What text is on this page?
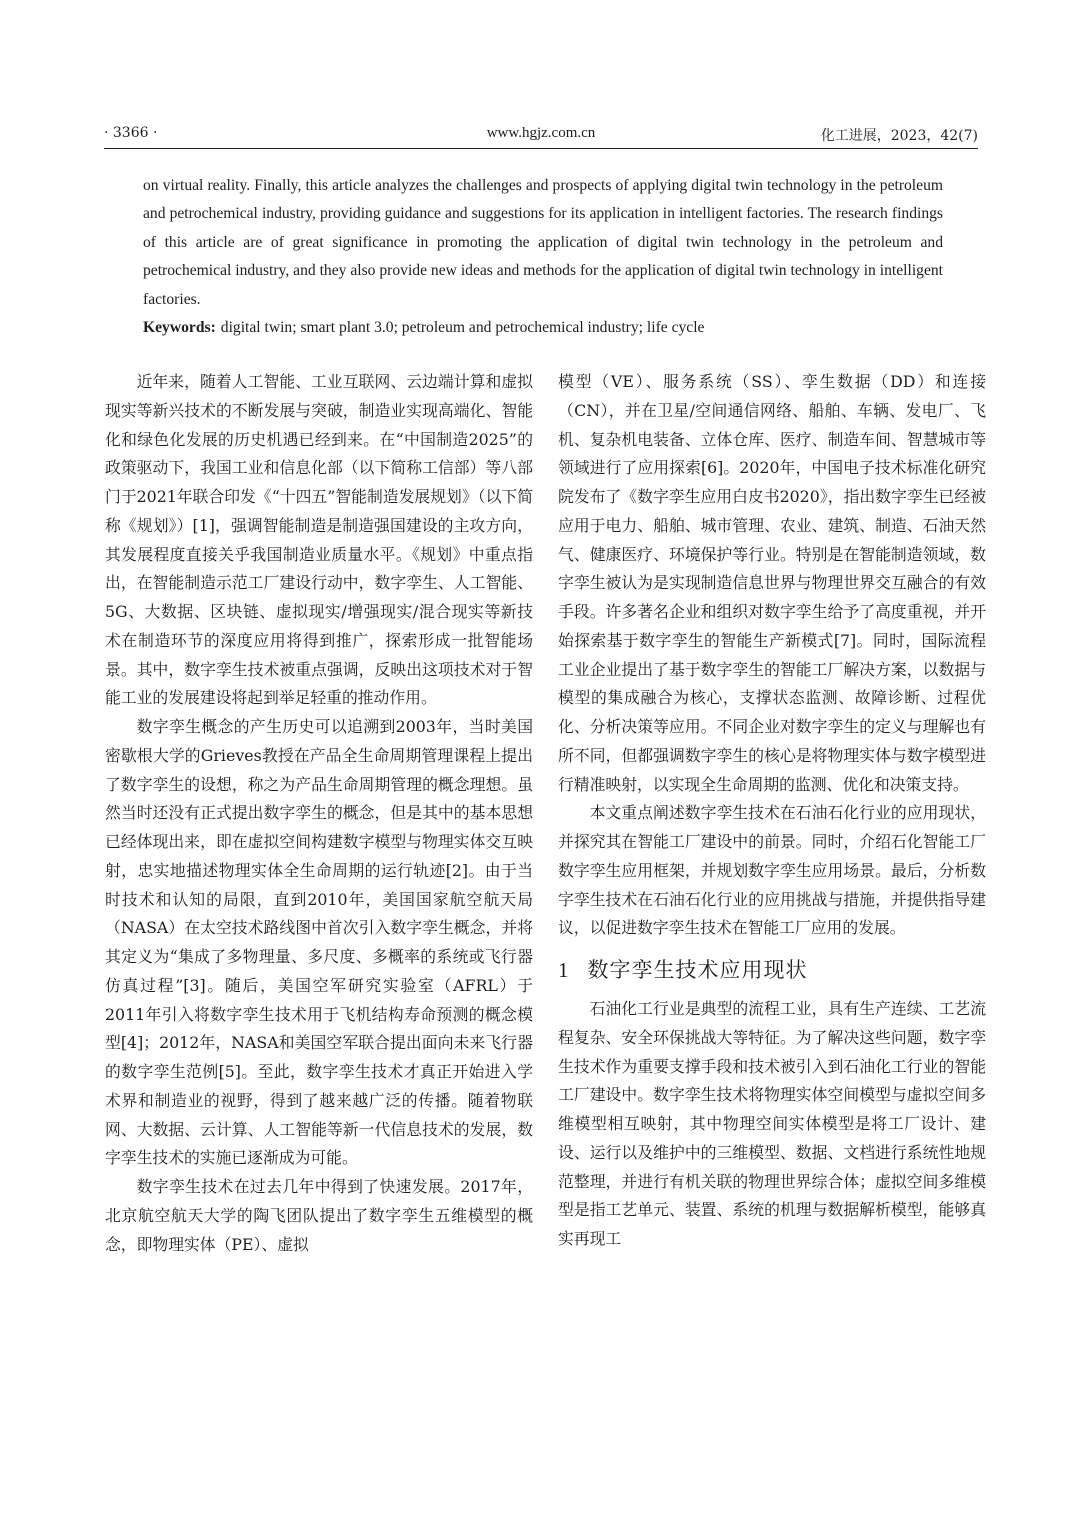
· 3366 ·	www.hgjz.com.cn	化工进展，2023，42(7)
on virtual reality. Finally, this article analyzes the challenges and prospects of applying digital twin technology in the petroleum and petrochemical industry, providing guidance and suggestions for its application in intelligent factories. The research findings of this article are of great significance in promoting the application of digital twin technology in the petroleum and petrochemical industry, and they also provide new ideas and methods for the application of digital twin technology in intelligent factories.
Keywords: digital twin; smart plant 3.0; petroleum and petrochemical industry; life cycle

近年来，随着人工智能、工业互联网、云边端计算和虚拟现实等新兴技术的不断发展与突破，制造业实现高端化、智能化和绿色化发展的历史机遇已经到来。在“中国制造2025”的政策驱动下，我国工业和信息化部（以下简称工信部）等八部门于2021年联合印发《“十四五”智能制造发展规划》（以下简称《规划》）[1]，强调智能制造是制造强国建设的主攻方向，其发展程度直接关乎我国制造业质量水平。《规划》中重点指出，在智能制造示范工厂建设行动中，数字孪生、人工智能、5G、大数据、区块链、虚拟现实/增强现实/混合现实等新技术在制造环节的深度应用将得到推广，探索形成一批智能场景。其中，数字孪生技术被重点强调，反映出这项技术对于智能工业的发展建设将起到举足轻重的推动作用。

数字孪生概念的产生历史可以追溯到2003年，当时美国密歇根大学的Grieves教授在产品全生命周期管理课程上提出了数字孪生的设想，称之为产品生命周期管理的概念理想。虽然当时还没有正式提出数字孪生的概念，但是其中的基本思想已经体现出来，即在虚拟空间构建数字模型与物理实体交互映射，忠实地描述物理实体全生命周期的运行轨迹[2]。由于当时技术和认知的局限，直到2010年，美国国家航空航天局（NASA）在太空技术路线图中首次引入数字孪生概念，并将其定义为“集成了多物理量、多尺度、多概率的系统或飞行器仿真过程”[3]。随后，美国空军研究实验室（AFRL）于2011年引入将数字孪生技术用于飞机结构寿命预测的概念模型[4]；2012年，NASA和美国空军联合提出面向未来飞行器的数字孪生范例[5]。至此，数字孪生技术才真正开始进入学术界和制造业的视野，得到了越来越广泛的传播。随着物联网、大数据、云计算、人工智能等新一代信息技术的发展，数字孪生技术的实施已逐渐成为可能。

数字孪生技术在过去几年中得到了快速发展。2017年，北京航空航天大学的陶飞团队提出了数字孪生五维模型的概念，即物理实体（PE）、虚拟

模型（VE）、服务系统（SS）、孪生数据（DD）和连接（CN），并在卫星/空间通信网络、船舶、车辆、发电厂、飞机、复杂机电装备、立体仓库、医疗、制造车间、智慧城市等领域进行了应用探索[6]。2020年，中国电子技术标准化研究院发布了《数字孪生应用白皮书2020》，指出数字孪生已经被应用于电力、船舶、城市管理、农业、建筑、制造、石油天然气、健康医疗、环境保护等行业。特别是在智能制造领域，数字孪生被认为是实现制造信息世界与物理世界交互融合的有效手段。许多著名企业和组织对数字孪生给予了高度重视，并开始探索基于数字孪生的智能生产新模式[7]。同时，国际流程工业企业提出了基于数字孪生的智能工厂解决方案，以数据与模型的集成融合为核心，支撑状态监测、故障诊断、过程优化、分析决策等应用。不同企业对数字孪生的定义与理解也有所不同，但都强调数字孪生的核心是将物理实体与数字模型进行精准映射，以实现全生命周期的监测、优化和决策支持。

本文重点阐述数字孪生技术在石油石化行业的应用现状，并探究其在智能工厂建设中的前景。同时，介绍石化智能工厂数字孪生应用框架，并规划数字孪生应用场景。最后，分析数字孪生技术在石油石化行业的应用挑战与措施，并提供指导建议，以促进数字孪生技术在智能工厂应用的发展。

1 数字孪生技术应用现状

石油化工行业是典型的流程工业，具有生产连续、工艺流程复杂、安全环保挑战大等特征。为了解决这些问题，数字孪生技术作为重要支撑手段和技术被引入到石油化工行业的智能工厂建设中。数字孪生技术将物理实体空间模型与虚拟空间多维模型相互映射，其中物理空间实体模型是将工厂设计、建设、运行以及维护中的三维模型、数据、文档进行系统性地规范整理，并进行有机关联的物理世界综合体；虚拟空间多维模型是指工艺单元、装置、系统的机理与数据解析模型，能够真实再现工
